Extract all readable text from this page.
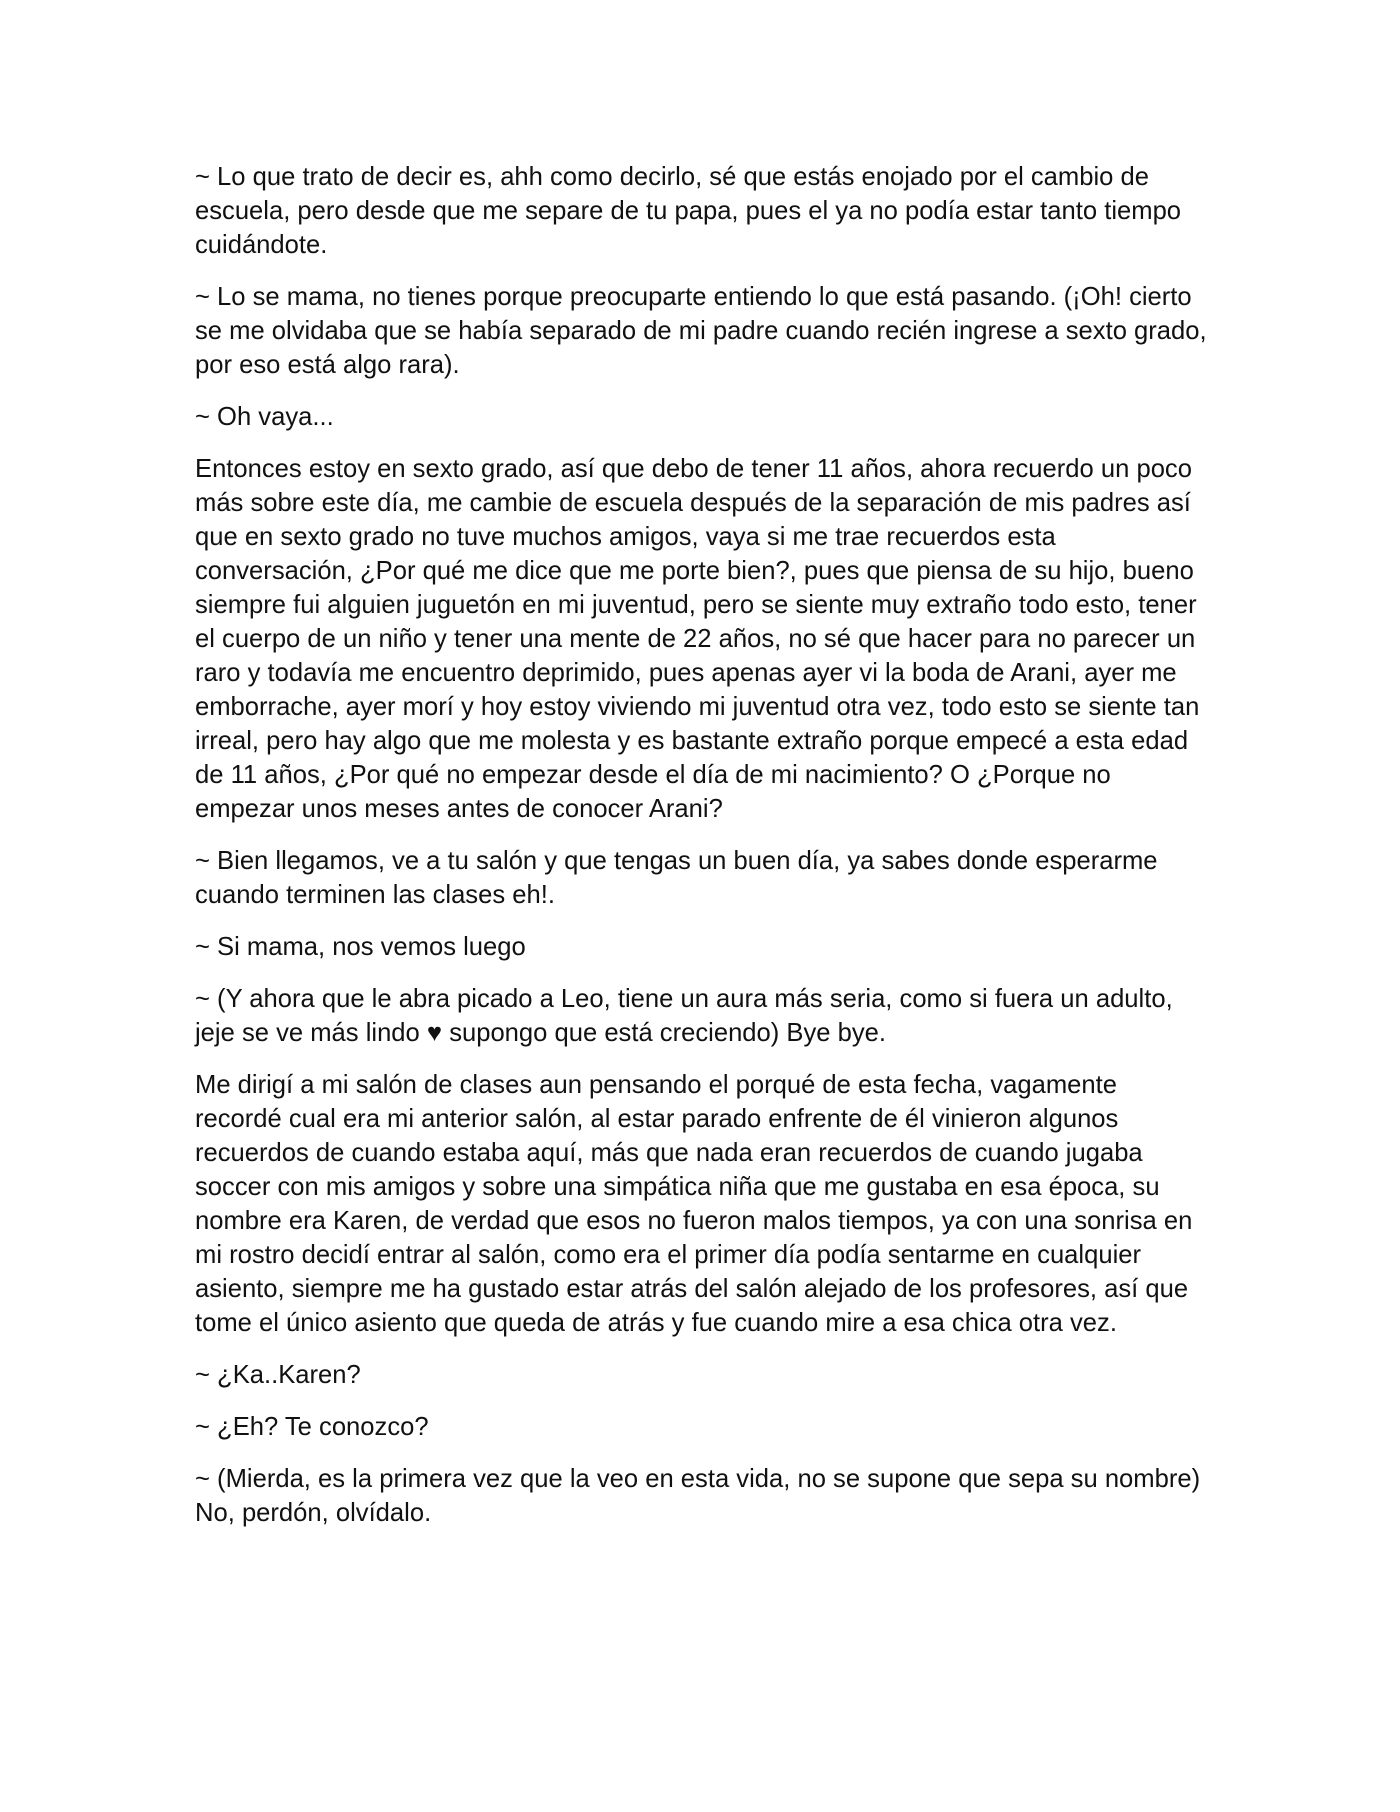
~ Lo que trato de decir es, ahh como decirlo, sé que estás enojado por el cambio de escuela, pero desde que me separe de tu papa, pues el ya no podía estar tanto tiempo cuidándote.

~ Lo se mama, no tienes porque preocuparte entiendo lo que está pasando. (¡Oh! cierto se me olvidaba que se había separado de mi padre cuando recién ingrese a sexto grado, por eso está algo rara).

~ Oh vaya...

Entonces estoy en sexto grado, así que debo de tener 11 años, ahora recuerdo un poco más sobre este día, me cambie de escuela después de la separación de mis padres así que en sexto grado no tuve muchos amigos, vaya si me trae recuerdos esta conversación, ¿Por qué me dice que me porte bien?, pues que piensa de su hijo, bueno siempre fui alguien juguetón en mi juventud, pero se siente muy extraño todo esto, tener el cuerpo de un niño y tener una mente de 22 años, no sé que hacer para no parecer un raro y todavía me encuentro deprimido, pues apenas ayer vi la boda de Arani, ayer me emborrache, ayer morí y hoy estoy viviendo mi juventud otra vez, todo esto se siente tan irreal, pero hay algo que me molesta y es bastante extraño porque empecé a esta edad de 11 años, ¿Por qué no empezar desde el día de mi nacimiento? O ¿Porque no empezar unos meses antes de conocer Arani?

~ Bien llegamos, ve a tu salón y que tengas un buen día, ya sabes donde esperarme cuando terminen las clases eh!.

~ Si mama, nos vemos luego

~ (Y ahora que le abra picado a Leo, tiene un aura más seria, como si fuera un adulto, jeje se ve más lindo ♥ supongo que está creciendo) Bye bye.

Me dirigí a mi salón de clases aun pensando el porqué de esta fecha, vagamente recordé cual era mi anterior salón, al estar parado enfrente de él vinieron algunos recuerdos de cuando estaba aquí, más que nada eran recuerdos de cuando jugaba soccer con mis amigos y sobre una simpática niña que me gustaba en esa época, su nombre era Karen, de verdad que esos no fueron malos tiempos, ya con una sonrisa en mi rostro decidí entrar al salón, como era el primer día podía sentarme en cualquier asiento, siempre me ha gustado estar atrás del salón alejado de los profesores, así que tome el único asiento que queda de atrás y fue cuando mire a esa chica otra vez.

~ ¿Ka..Karen?

~ ¿Eh? Te conozco?

~ (Mierda, es la primera vez que la veo en esta vida, no se supone que sepa su nombre) No, perdón, olvídalo.
